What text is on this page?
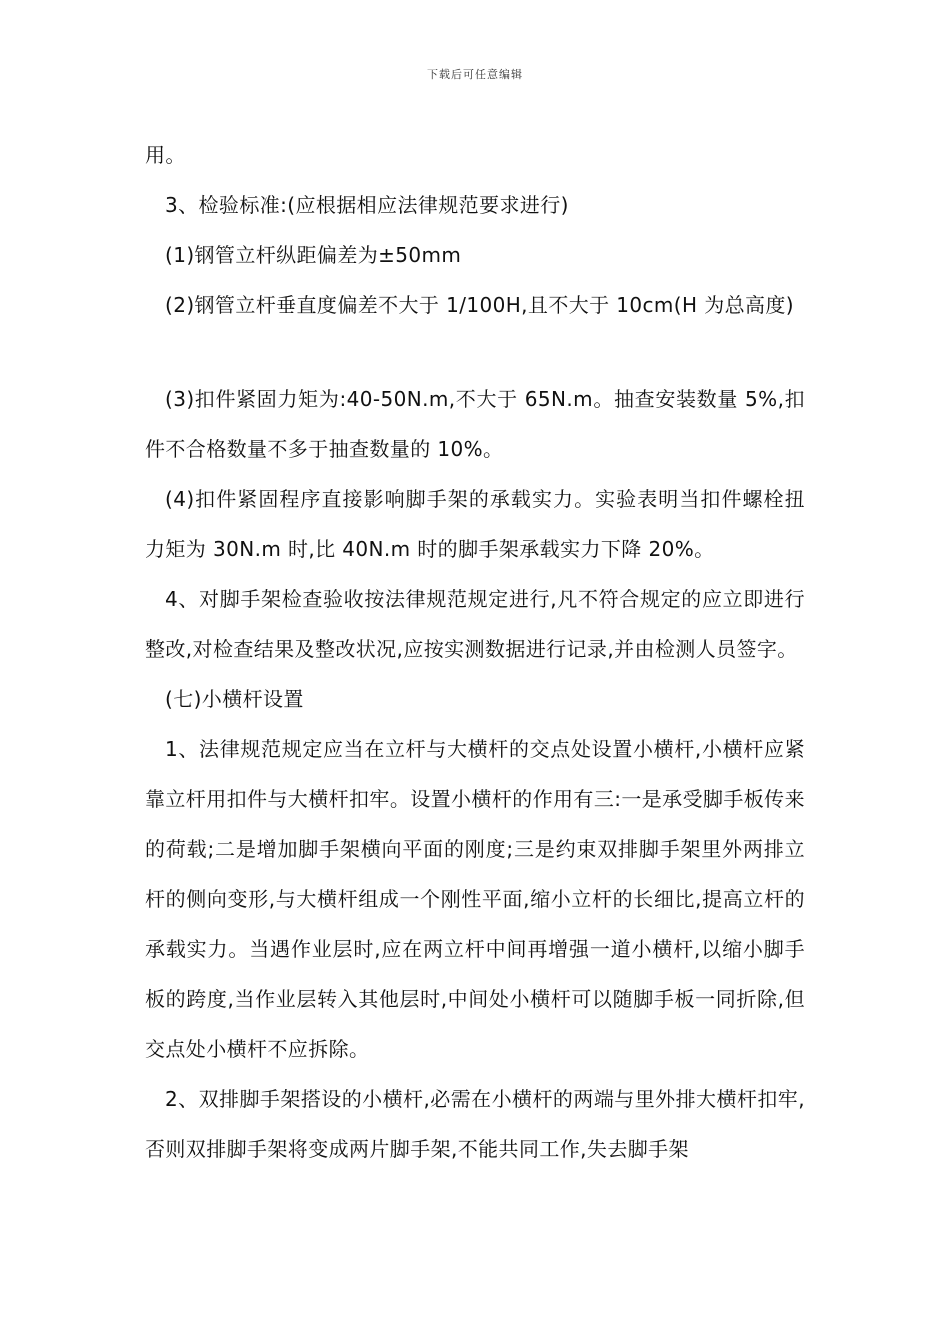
下载后可任意编辑

用。

3、检验标准:(应根据相应法律规范要求进行)

(1)钢管立杆纵距偏差为±50mm

(2)钢管立杆垂直度偏差不大于 1/100H,且不大于 10cm(H 为总高度)

(3)扣件紧固力矩为:40-50N.m,不大于 65N.m。抽查安装数量 5%,扣件不合格数量不多于抽查数量的 10%。

(4)扣件紧固程序直接影响脚手架的承载实力。实验表明当扣件螺栓扭力矩为 30N.m 时,比 40N.m 时的脚手架承载实力下降 20%。

4、对脚手架检查验收按法律规范规定进行,凡不符合规定的应立即进行整改,对检查结果及整改状况,应按实测数据进行记录,并由检测人员签字。

(七)小横杆设置

1、法律规范规定应当在立杆与大横杆的交点处设置小横杆,小横杆应紧靠立杆用扣件与大横杆扣牢。设置小横杆的作用有三:一是承受脚手板传来的荷载;二是增加脚手架横向平面的刚度;三是约束双排脚手架里外两排立杆的侧向变形,与大横杆组成一个刚性平面,缩小立杆的长细比,提高立杆的承载实力。当遇作业层时,应在两立杆中间再增强一道小横杆,以缩小脚手板的跨度,当作业层转入其他层时,中间处小横杆可以随脚手板一同折除,但交点处小横杆不应拆除。

2、双排脚手架搭设的小横杆,必需在小横杆的两端与里外排大横杆扣牢,否则双排脚手架将变成两片脚手架,不能共同工作,失去脚手架
